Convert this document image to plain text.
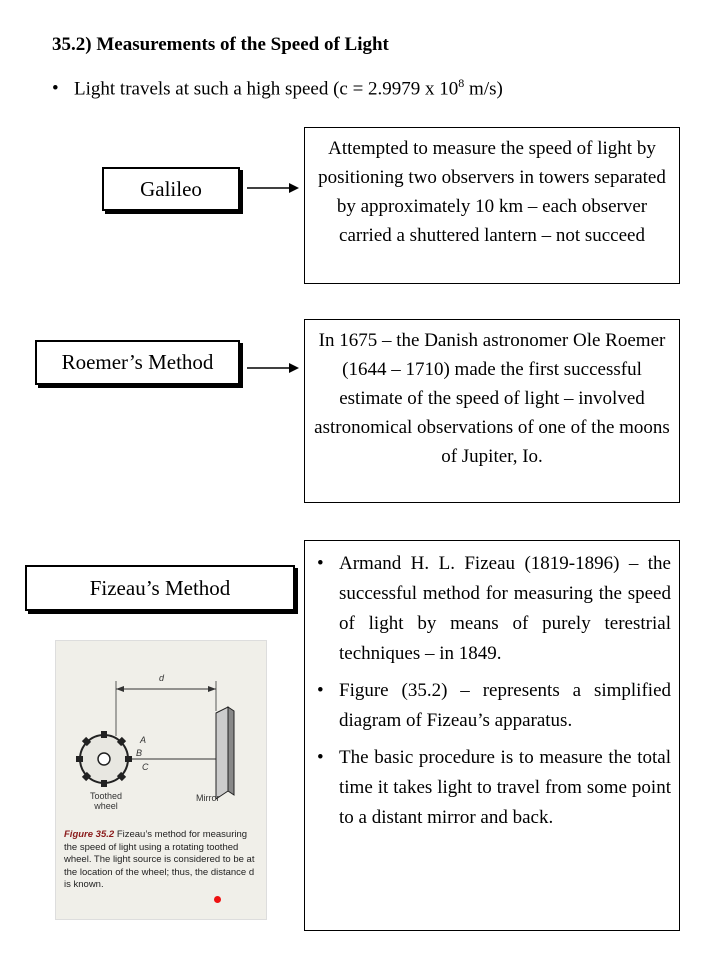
35.2) Measurements of the Speed of Light
• Light travels at such a high speed (c = 2.9979 x $10^8$ m/s)
Galileo
Attempted to measure the speed of light by positioning two observers in towers separated by approximately 10 km – each observer carried a shuttered lantern – not succeed
Roemer’s Method
In 1675 – the Danish astronomer Ole Roemer (1644 – 1710) made the first successful estimate of the speed of light – involved astronomical observations of one of the moons of Jupiter, Io.
Fizeau’s Method
• Armand H. L. Fizeau (1819-1896) – the successful method for measuring the speed of light by means of purely terestrial techniques – in 1849.
• Figure (35.2) – represents a simplified diagram of Fizeau’s apparatus.
• The basic procedure is to measure the total time it takes light to travel from some point to a distant mirror and back.
d
A
B
C
Toothed wheel
Mirror
Figure 35.2 Fizeau’s method for measuring the speed of light using a rotating toothed wheel. The light source is considered to be at the location of the wheel; thus, the distance d is known.
